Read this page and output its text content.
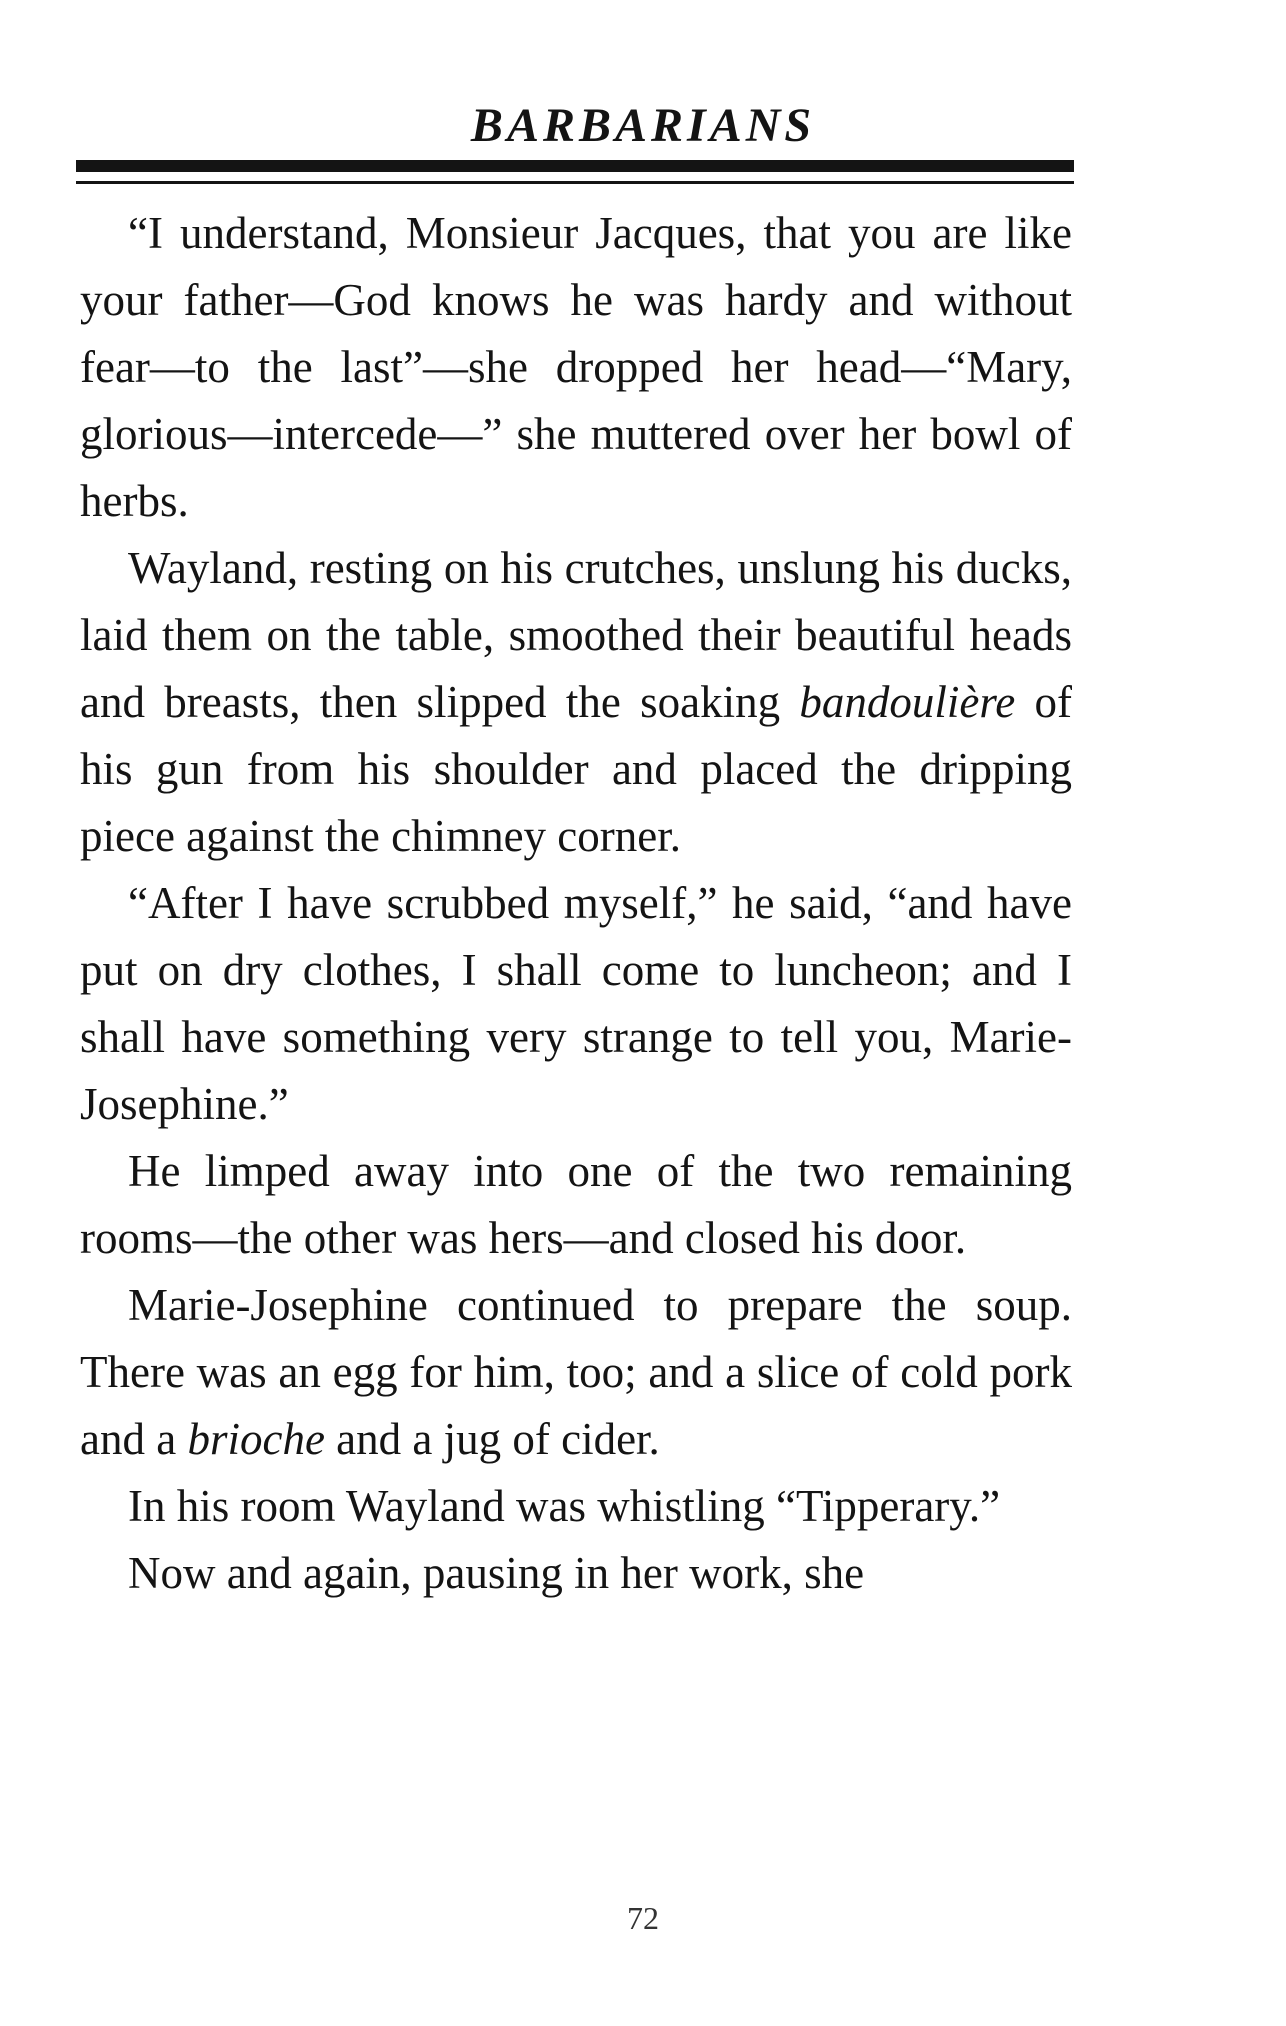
BARBARIANS

“I understand, Monsieur Jacques, that you are like your father—God knows he was hardy and without fear—to the last”—she dropped her head—“Mary, glorious—intercede—” she muttered over her bowl of herbs.

Wayland, resting on his crutches, unslung his ducks, laid them on the table, smoothed their beautiful heads and breasts, then slipped the soaking bandoulière of his gun from his shoulder and placed the dripping piece against the chimney corner.

“After I have scrubbed myself,” he said, “and have put on dry clothes, I shall come to luncheon; and I shall have something very strange to tell you, Marie-Josephine.”

He limped away into one of the two remaining rooms—the other was hers—and closed his door.

Marie-Josephine continued to prepare the soup. There was an egg for him, too; and a slice of cold pork and a brioche and a jug of cider.

In his room Wayland was whistling “Tipperary.”

Now and again, pausing in her work, she

72
